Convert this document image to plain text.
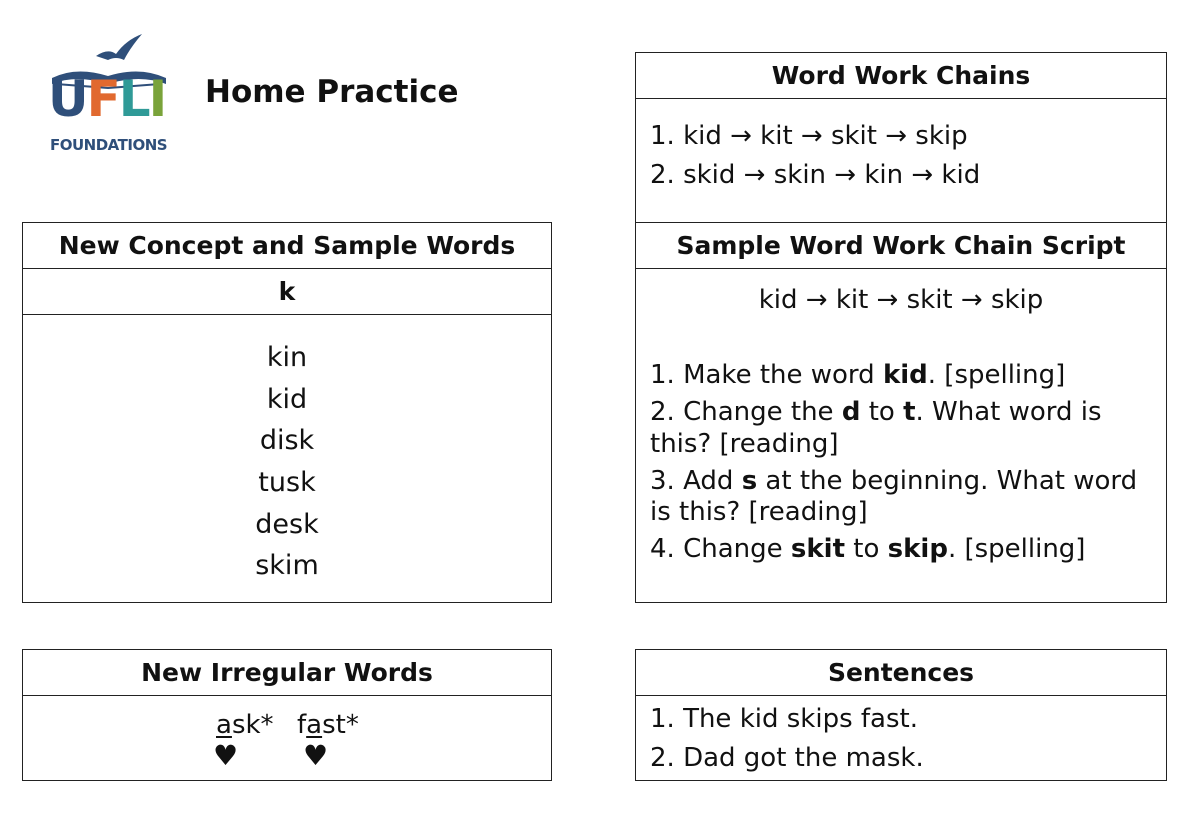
UFLI
FOUNDATIONS
Home Practice
New Concept and Sample Words
k
kin
kid
disk
tusk
desk
skim
New Irregular Words
ask*
♥
fast*
♥
Word Work Chains
1. kid → kit → skit → skip
2. skid → skin → kin → kid
Sample Word Work Chain Script
kid → kit → skit → skip
1. Make the word kid. [spelling]
2. Change the d to t. What word is this? [reading]
3. Add s at the beginning. What word is this? [reading]
4. Change skit to skip. [spelling]
Sentences
1. The kid skips fast.
2. Dad got the mask.
